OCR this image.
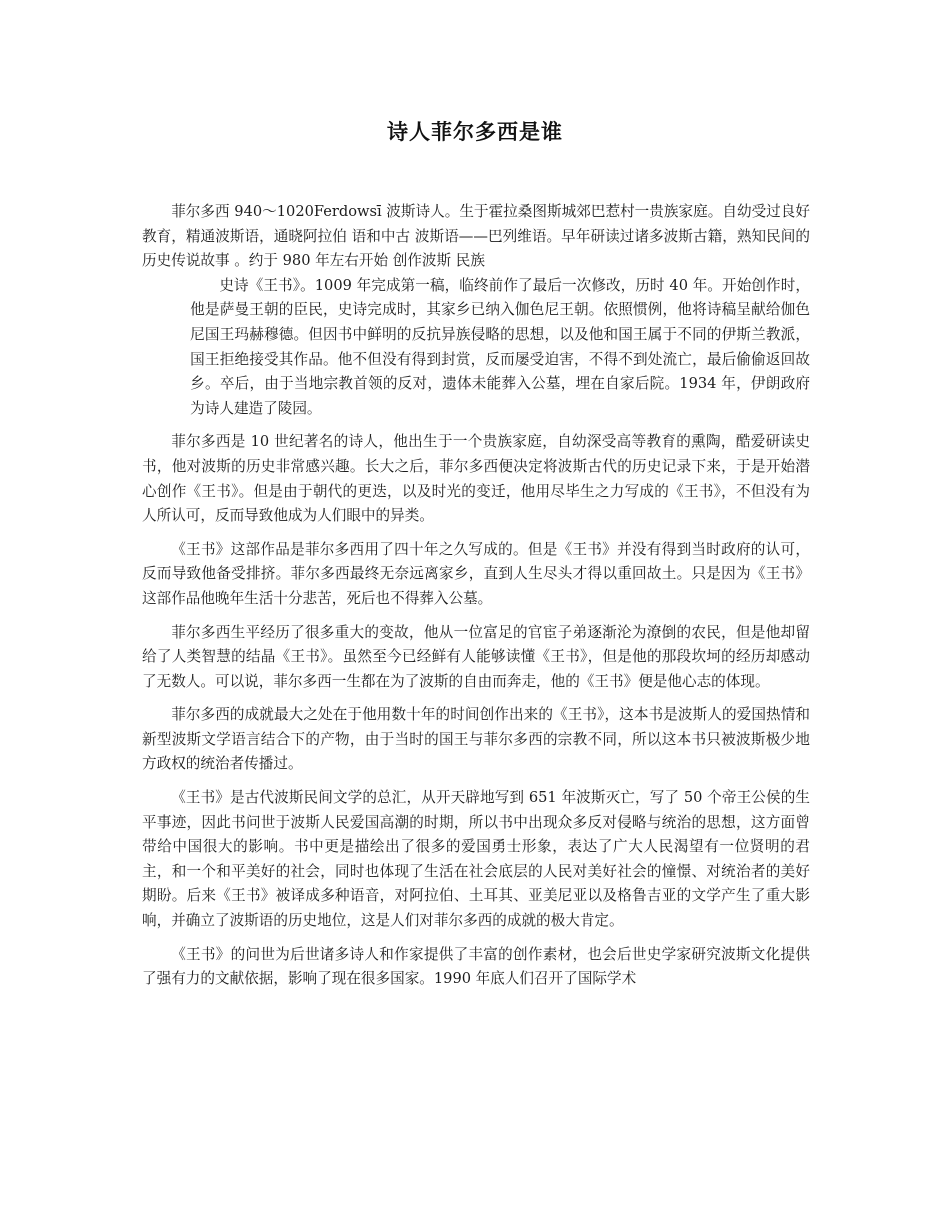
诗人菲尔多西是谁

菲尔多西 940～1020Ferdowsī 波斯诗人。生于霍拉桑图斯城郊巴惹村一贵族家庭。自幼受过良好教育，精通波斯语，通晓阿拉伯 语和中古 波斯语——巴列维语。早年研读过诸多波斯古籍，熟知民间的历史传说故事 。约于 980 年左右开始 创作波斯 民族
史诗《王书》。1009 年完成第一稿，临终前作了最后一次修改，历时 40 年。开始创作时，他是萨曼王朝的臣民，史诗完成时，其家乡已纳入伽色尼王朝。依照惯例，他将诗稿呈献给伽色尼国王玛赫穆德。但因书中鲜明的反抗异族侵略的思想，以及他和国王属于不同的伊斯兰教派，国王拒绝接受其作品。他不但没有得到封赏，反而屡受迫害，不得不到处流亡，最后偷偷返回故乡。卒后，由于当地宗教首领的反对，遗体未能葬入公墓，埋在自家后院。1934 年，伊朗政府为诗人建造了陵园。

菲尔多西是 10 世纪著名的诗人，他出生于一个贵族家庭，自幼深受高等教育的熏陶，酷爱研读史书，他对波斯的历史非常感兴趣。长大之后，菲尔多西便决定将波斯古代的历史记录下来，于是开始潜心创作《王书》。但是由于朝代的更迭，以及时光的变迁，他用尽毕生之力写成的《王书》，不但没有为人所认可，反而导致他成为人们眼中的异类。

《王书》这部作品是菲尔多西用了四十年之久写成的。但是《王书》并没有得到当时政府的认可，反而导致他备受排挤。菲尔多西最终无奈远离家乡，直到人生尽头才得以重回故土。只是因为《王书》这部作品他晚年生活十分悲苦，死后也不得葬入公墓。

菲尔多西生平经历了很多重大的变故，他从一位富足的官宦子弟逐渐沦为潦倒的农民，但是他却留给了人类智慧的结晶《王书》。虽然至今已经鲜有人能够读懂《王书》，但是他的那段坎坷的经历却感动了无数人。可以说，菲尔多西一生都在为了波斯的自由而奔走，他的《王书》便是他心志的体现。

菲尔多西的成就最大之处在于他用数十年的时间创作出来的《王书》，这本书是波斯人的爱国热情和新型波斯文学语言结合下的产物，由于当时的国王与菲尔多西的宗教不同，所以这本书只被波斯极少地方政权的统治者传播过。

《王书》是古代波斯民间文学的总汇，从开天辟地写到 651 年波斯灭亡，写了 50 个帝王公侯的生平事迹，因此书问世于波斯人民爱国高潮的时期，所以书中出现众多反对侵略与统治的思想，这方面曾带给中国很大的影响。书中更是描绘出了很多的爱国勇士形象，表达了广大人民渴望有一位贤明的君主，和一个和平美好的社会，同时也体现了生活在社会底层的人民对美好社会的憧憬、对统治者的美好期盼。后来《王书》被译成多种语音，对阿拉伯、土耳其、亚美尼亚以及格鲁吉亚的文学产生了重大影响，并确立了波斯语的历史地位，这是人们对菲尔多西的成就的极大肯定。

《王书》的问世为后世诸多诗人和作家提供了丰富的创作素材，也会后世史学家研究波斯文化提供了强有力的文献依据，影响了现在很多国家。1990 年底人们召开了国际学术
